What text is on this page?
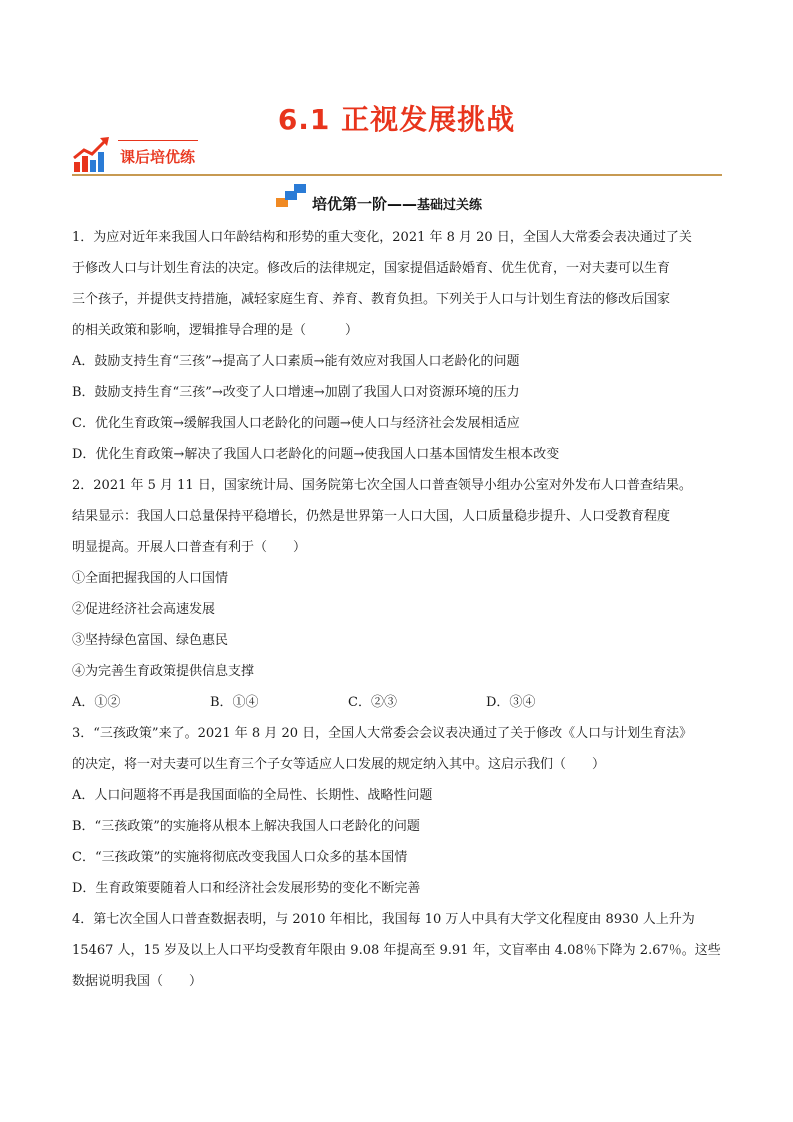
6.1 正视发展挑战
课后培优练
培优第一阶——基础过关练

1．为应对近年来我国人口年龄结构和形势的重大变化，2021 年 8 月 20 日，全国人大常委会表决通过了关

于修改人口与计划生育法的决定。修改后的法律规定，国家提倡适龄婚育、优生优育，一对夫妻可以生育

三个孩子，并提供支持措施，减轻家庭生育、养育、教育负担。下列关于人口与计划生育法的修改后国家

的相关政策和影响，逻辑推导合理的是（　　　）

A．鼓励支持生育“三孩”→提高了人口素质→能有效应对我国人口老龄化的问题

B．鼓励支持生育“三孩”→改变了人口增速→加剧了我国人口对资源环境的压力

C．优化生育政策→缓解我国人口老龄化的问题→使人口与经济社会发展相适应

D．优化生育政策→解决了我国人口老龄化的问题→使我国人口基本国情发生根本改变

2．2021 年 5 月 11 日，国家统计局、国务院第七次全国人口普查领导小组办公室对外发布人口普查结果。

结果显示：我国人口总量保持平稳增长，仍然是世界第一人口大国，人口质量稳步提升、人口受教育程度

明显提高。开展人口普查有利于（　　）

①全面把握我国的人口国情

②促进经济社会高速发展

③坚持绿色富国、绿色惠民

④为完善生育政策提供信息支撑

A．①②	B．①④	C．②③	D．③④

3．“三孩政策”来了。2021 年 8 月 20 日，全国人大常委会会议表决通过了关于修改《人口与计划生育法》

的决定，将一对夫妻可以生育三个子女等适应人口发展的规定纳入其中。这启示我们（　　）

A．人口问题将不再是我国面临的全局性、长期性、战略性问题

B．“三孩政策”的实施将从根本上解决我国人口老龄化的问题

C．“三孩政策”的实施将彻底改变我国人口众多的基本国情

D．生育政策要随着人口和经济社会发展形势的变化不断完善

4．第七次全国人口普查数据表明，与 2010 年相比，我国每 10 万人中具有大学文化程度由 8930 人上升为

15467 人，15 岁及以上人口平均受教育年限由 9.08 年提高至 9.91 年，文盲率由 4.08％下降为 2.67％。这些

数据说明我国（　　）
